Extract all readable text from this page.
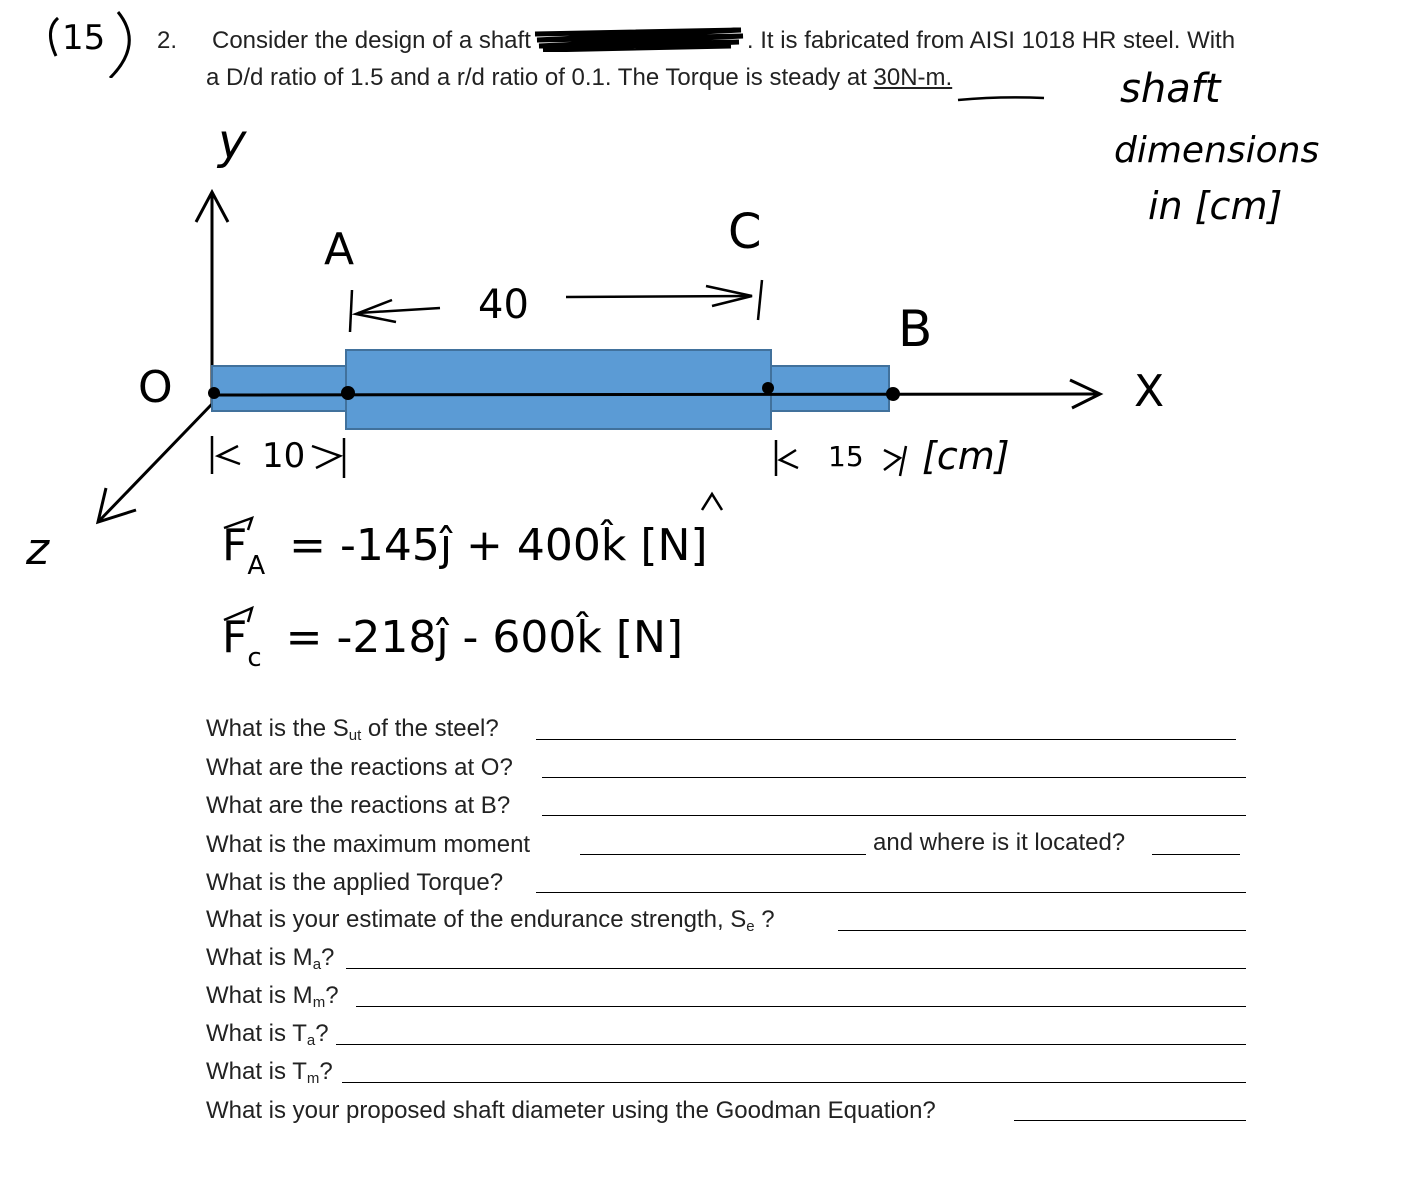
15 2. Consider the design of a shaft	. It is fabricated from AISI 1018 HR steel. With
a D/d ratio of 1.5 and a r/d ratio of 0.1. The Torque is steady at 30N-m.	shaft
dimensions
in [cm]
y
X
z
O
A
B
C
40
10	15 [cm]
$F_A$ = -145ĵ + 400k̂ [N]
$F_c$ = -218ĵ - 600k̂ [N]
What is the $S_{ut}$ of the steel?
What are the reactions at O?
What are the reactions at B?
What is the maximum moment	and where is it located?
What is the applied Torque?
What is your estimate of the endurance strength, $S_e$ ?
What is $M_a$?
What is $M_m$?
What is $T_a$?
What is $T_m$?
What is your proposed shaft diameter using the Goodman Equation?
